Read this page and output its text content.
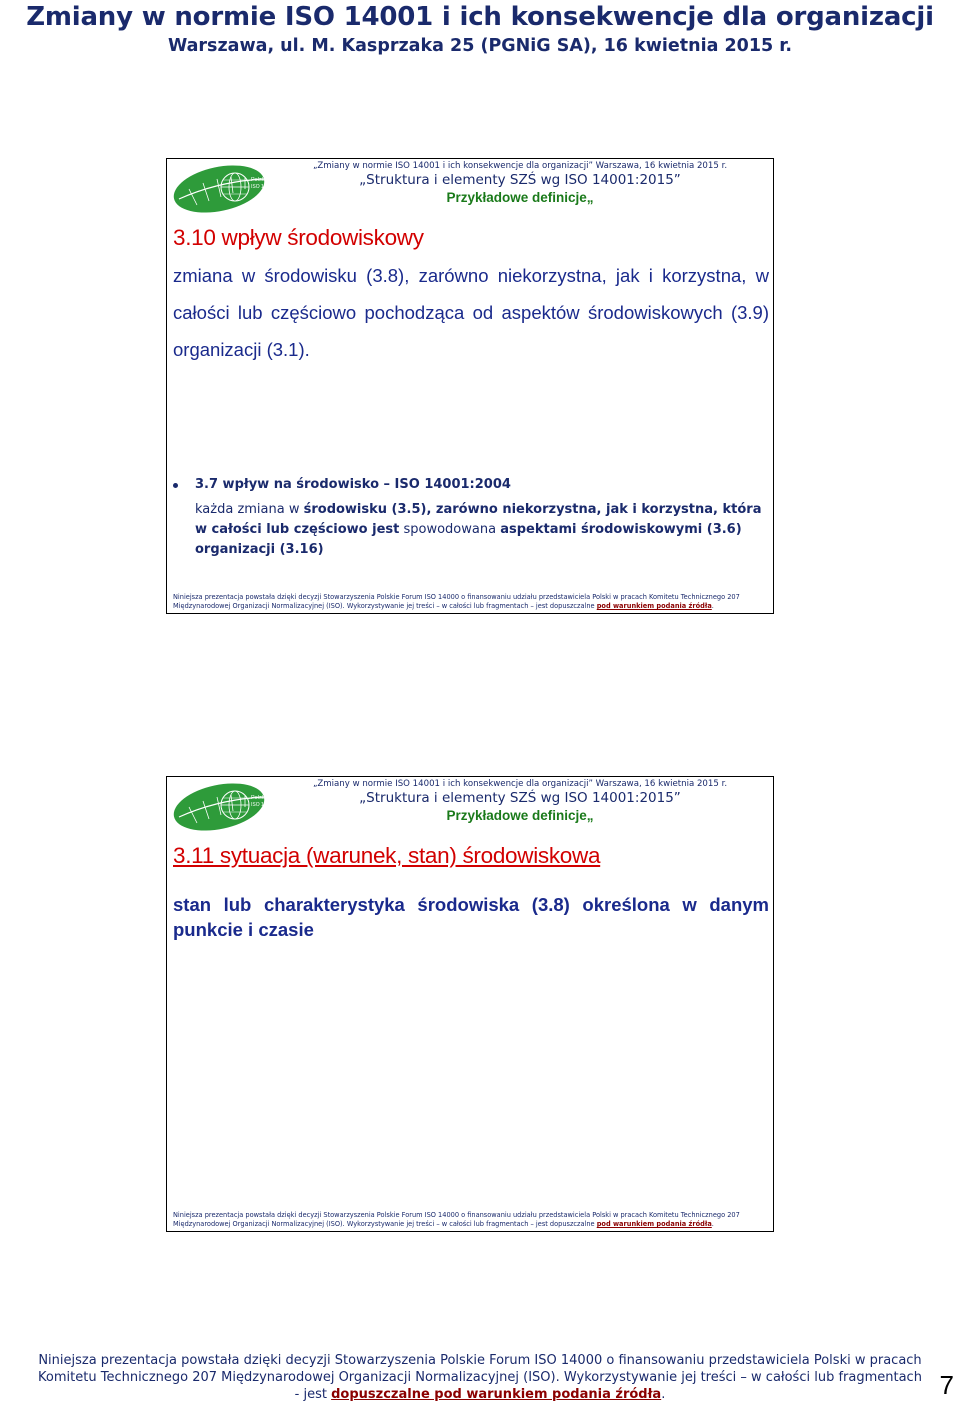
Zmiany w normie ISO 14001 i ich konsekwencje dla organizacji
Warszawa, ul. M. Kasprzaka 25 (PGNiG SA), 16 kwietnia 2015 r.
Polskie Forum
ISO 14000
„Zmiany w normie ISO 14001 i ich konsekwencje dla organizacji” Warszawa, 16 kwietnia 2015 r.
„Struktura i elementy SZŚ wg ISO 14001:2015”
Przykładowe definicje„
3.10 wpływ środowiskowy
zmiana w środowisku (3.8), zarówno niekorzystna, jak i korzystna, w całości lub częściowo pochodząca od aspektów środowiskowych (3.9) organizacji (3.1).
3.7 wpływ na środowisko – ISO 14001:2004
każda zmiana w środowisku (3.5), zarówno niekorzystna, jak i korzystna, która w całości lub częściowo jest spowodowana aspektami środowiskowymi (3.6) organizacji (3.16)
Niniejsza prezentacja powstała dzięki decyzji Stowarzyszenia Polskie Forum ISO 14000 o finansowaniu udziału przedstawiciela Polski w pracach Komitetu Technicznego 207
Międzynarodowej Organizacji Normalizacyjnej (ISO). Wykorzystywanie jej treści – w całości lub fragmentach – jest dopuszczalne pod warunkiem podania źródła.
Polskie Forum
ISO 14000
„Zmiany w normie ISO 14001 i ich konsekwencje dla organizacji” Warszawa, 16 kwietnia 2015 r.
„Struktura i elementy SZŚ wg ISO 14001:2015”
Przykładowe definicje„
3.11 sytuacja (warunek, stan) środowiskowa
stan lub charakterystyka środowiska (3.8) określona w danym punkcie i czasie
Niniejsza prezentacja powstała dzięki decyzji Stowarzyszenia Polskie Forum ISO 14000 o finansowaniu udziału przedstawiciela Polski w pracach Komitetu Technicznego 207
Międzynarodowej Organizacji Normalizacyjnej (ISO). Wykorzystywanie jej treści – w całości lub fragmentach – jest dopuszczalne pod warunkiem podania źródła.
Niniejsza prezentacja powstała dzięki decyzji Stowarzyszenia Polskie Forum ISO 14000 o finansowaniu przedstawiciela Polski w pracach
Komitetu Technicznego 207 Międzynarodowej Organizacji Normalizacyjnej (ISO). Wykorzystywanie jej treści – w całości lub fragmentach
- jest dopuszczalne pod warunkiem podania źródła.	7
